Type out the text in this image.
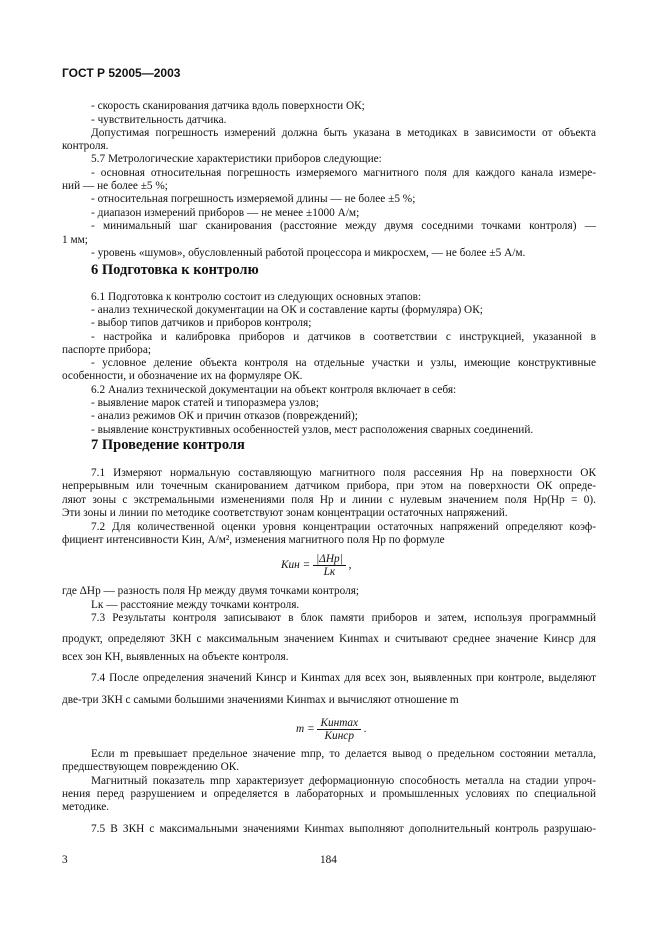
ГОСТ Р 52005—2003
- скорость сканирования датчика вдоль поверхности ОК;
- чувствительность датчика.
Допустимая погрешность измерений должна быть указана в методиках в зависимости от объекта
контроля.
5.7 Метрологические характеристики приборов следующие:
- основная относительная погрешность измеряемого магнитного поля для каждого канала измере-
ний — не более ±5 %;
- относительная погрешность измеряемой длины — не более ±5 %;
- диапазон измерений приборов — не менее ±1000 А/м;
- минимальный шаг сканирования (расстояние между двумя соседними точками контроля) —
1 мм;
- уровень «шумов», обусловленный работой процессора и микросхем, — не более ±5 А/м.
6 Подготовка к контролю
6.1 Подготовка к контролю состоит из следующих основных этапов:
- анализ технической документации на ОК и составление карты (формуляра) ОК;
- выбор типов датчиков и приборов контроля;
- настройка и калибровка приборов и датчиков в соответствии с инструкцией, указанной в
паспорте прибора;
- условное деление объекта контроля на отдельные участки и узлы, имеющие конструктивные
особенности, и обозначение их на формуляре ОК.
6.2 Анализ технической документации на объект контроля включает в себя:
- выявление марок статей и типоразмера узлов;
- анализ режимов ОК и причин отказов (повреждений);
- выявление конструктивных особенностей узлов, мест расположения сварных соединений.
7 Проведение контроля
7.1 Измеряют нормальную составляющую магнитного поля рассеяния Hр на поверхности ОК
непрерывным или точечным сканированием датчиком прибора, при этом на поверхности ОК опреде-
ляют зоны с экстремальными изменениями поля Hр и линии с нулевым значением поля Hр(Hр = 0).
Эти зоны и линии по методике соответствуют зонам концентрации остаточных напряжений.
7.2 Для количественной оценки уровня концентрации остаточных напряжений определяют коэф-
фициент интенсивности Kин, А/м², изменения магнитного поля Hр по формуле
Kин = $\frac{\text{|ΔHр|}}{Lк}$ ,
где ΔHр — разность поля Hр между двумя точками контроля;
Lк — расстояние между точками контроля.
7.3 Результаты контроля записывают в блок памяти приборов и затем, используя программный
продукт, определяют ЗКН с максимальным значением Kинmax и считывают среднее значение Kинср для
всех зон КН, выявленных на объекте контроля.
7.4 После определения значений Kинср и Kинmax для всех зон, выявленных при контроле, выделяют
две-три ЗКН с самыми большими значениями Kинmax и вычисляют отношение m
$m = \frac{\text{Kинmax}}{\text{Kинср}}$ .
Если m превышает предельное значение mпр, то делается вывод о предельном состоянии металла,
предшествующем повреждению ОК.
Магнитный показатель mпр характеризует деформационную способность металла на стадии упроч-
нения перед разрушением и определяется в лабораторных и промышленных условиях по специальной
методике.
7.5 В ЗКН с максимальными значениями Kинmax выполняют дополнительный контроль разрушаю-
3	184
